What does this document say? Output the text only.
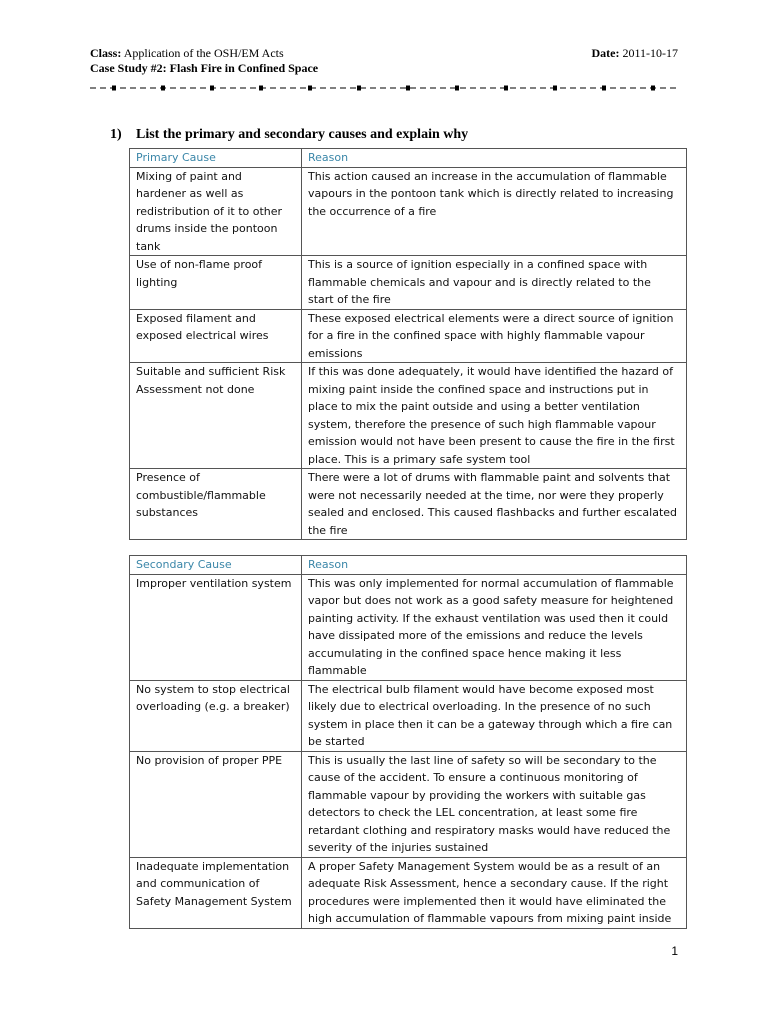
Class: Application of the OSH/EM Acts
Case Study #2: Flash Fire in Confined Space
Date: 2011-10-17
1) List the primary and secondary causes and explain why
Primary Cause	Reason
Mixing of paint and hardener as well as redistribution of it to other drums inside the pontoon tank	This action caused an increase in the accumulation of flammable vapours in the pontoon tank which is directly related to increasing the occurrence of a fire
Use of non-flame proof lighting	This is a source of ignition especially in a confined space with flammable chemicals and vapour and is directly related to the start of the fire
Exposed filament and exposed electrical wires	These exposed electrical elements were a direct source of ignition for a fire in the confined space with highly flammable vapour emissions
Suitable and sufficient Risk Assessment not done	If this was done adequately, it would have identified the hazard of mixing paint inside the confined space and instructions put in place to mix the paint outside and using a better ventilation system, therefore the presence of such high flammable vapour emission would not have been present to cause the fire in the first place. This is a primary safe system tool
Presence of combustible/flammable substances	There were a lot of drums with flammable paint and solvents that were not necessarily needed at the time, nor were they properly sealed and enclosed. This caused flashbacks and further escalated the fire
Secondary Cause	Reason
Improper ventilation system	This was only implemented for normal accumulation of flammable vapor but does not work as a good safety measure for heightened painting activity. If the exhaust ventilation was used then it could have dissipated more of the emissions and reduce the levels accumulating in the confined space hence making it less flammable
No system to stop electrical overloading (e.g. a breaker)	The electrical bulb filament would have become exposed most likely due to electrical overloading. In the presence of no such system in place then it can be a gateway through which a fire can be started
No provision of proper PPE	This is usually the last line of safety so will be secondary to the cause of the accident. To ensure a continuous monitoring of flammable vapour by providing the workers with suitable gas detectors to check the LEL concentration, at least some fire retardant clothing and respiratory masks would have reduced the severity of the injuries sustained
Inadequate implementation and communication of Safety Management System	A proper Safety Management System would be as a result of an adequate Risk Assessment, hence a secondary cause. If the right procedures were implemented then it would have eliminated the high accumulation of flammable vapours from mixing paint inside
1
